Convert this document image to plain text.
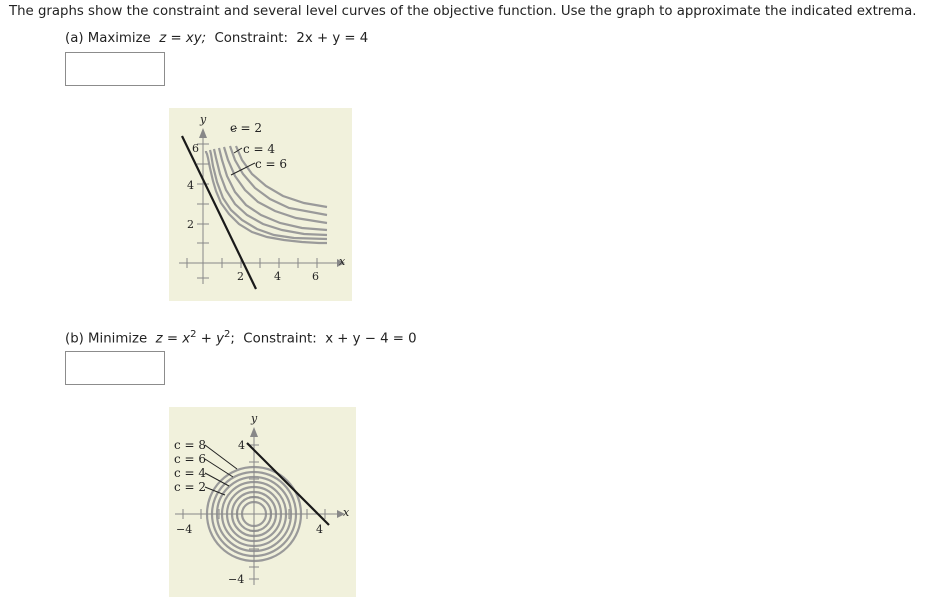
The graphs show the constraint and several level curves of the objective function. Use the graph to approximate the indicated extrema.
(a) Maximize z = xy; Constraint: 2x + y = 4
c = 2
c = 4
c = 6
y
x
2	4	6
2
4
6
(b) Minimize $z = x^2 + y^2$; Constraint: x + y − 4 = 0
c = 8
c = 6
c = 4
c = 2
y
x
−4	4
4
−4
